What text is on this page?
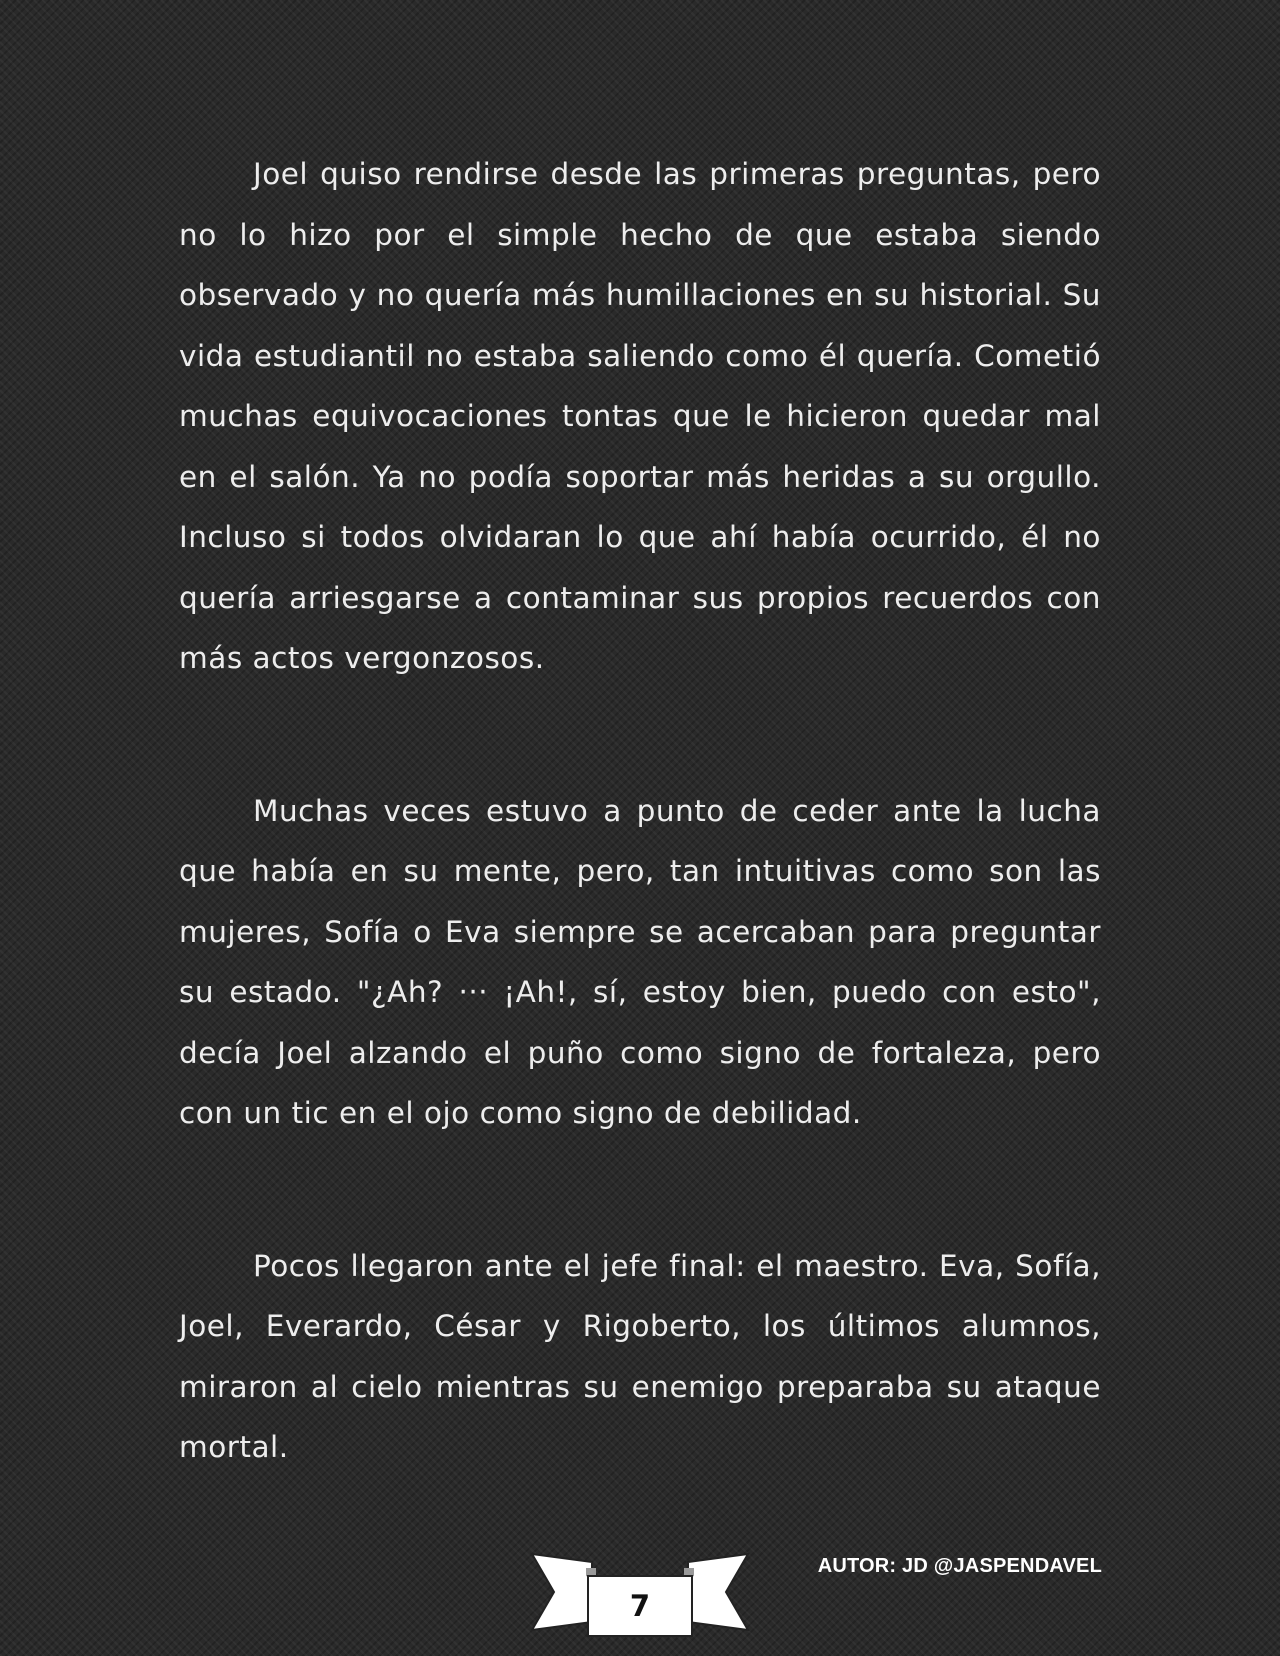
Joel quiso rendirse desde las primeras preguntas, pero no lo hizo por el simple hecho de que estaba siendo observado y no quería más humillaciones en su historial. Su vida estudiantil no estaba saliendo como él quería. Cometió muchas equivocaciones tontas que le hicieron quedar mal en el salón. Ya no podía soportar más heridas a su orgullo. Incluso si todos olvidaran lo que ahí había ocurrido, él no quería arriesgarse a contaminar sus propios recuerdos con más actos vergonzosos.

Muchas veces estuvo a punto de ceder ante la lucha que había en su mente, pero, tan intuitivas como son las mujeres, Sofía o Eva siempre se acercaban para preguntar su estado. "¿Ah? ··· ¡Ah!, sí, estoy bien, puedo con esto", decía Joel alzando el puño como signo de fortaleza, pero con un tic en el ojo como signo de debilidad.

Pocos llegaron ante el jefe final: el maestro. Eva, Sofía, Joel, Everardo, César y Rigoberto, los últimos alumnos, miraron al cielo mientras su enemigo preparaba su ataque mortal.

7
AUTOR: JD @JASPENDAVEL
